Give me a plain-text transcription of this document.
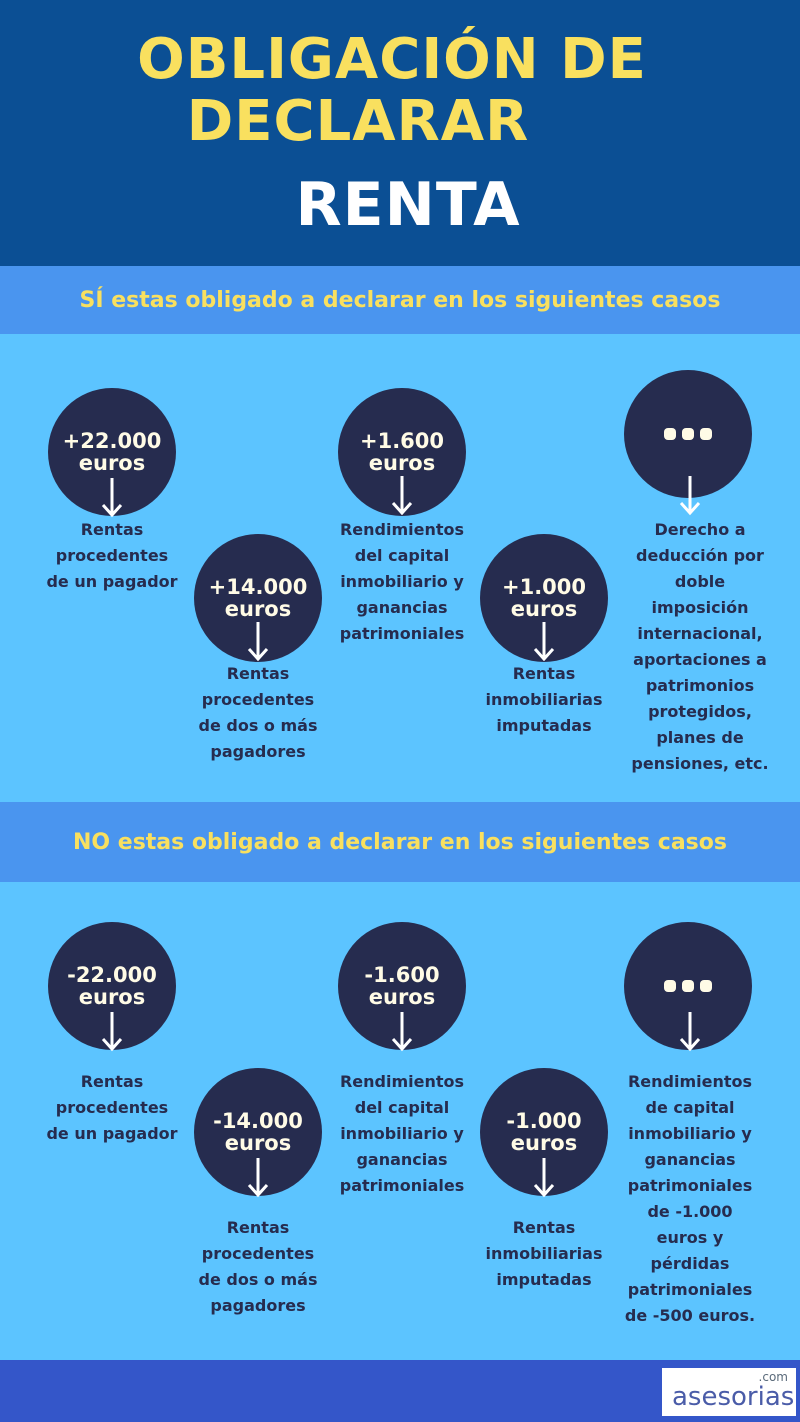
OBLIGACIÓN DE
DECLARAR
RENTA
SÍ estas obligado a declarar en los siguientes casos
+22.000
euros
Rentas procedentes de un pagador +14.000
euros
Rentas procedentes de dos o más pagadores
+1.600
euros
Rendimientos del capital inmobiliario y ganancias patrimoniales
+1.000
euros
Rentas inmobiliarias imputadas
Derecho a deducción por doble imposición internacional, aportaciones a patrimonios protegidos, planes de pensiones, etc.
NO estas obligado a declarar en los siguientes casos
-22.000
euros
Rentas procedentes de un pagador
-14.000
euros
Rentas procedentes de dos o más pagadores
-1.600
euros
Rendimientos del capital inmobiliario y ganancias patrimoniales
-1.000
euros
Rentas inmobiliarias imputadas
Rendimientos de capital inmobiliario y ganancias patrimoniales de -1.000 euros y pérdidas patrimoniales de -500 euros.
.com
asesorias
